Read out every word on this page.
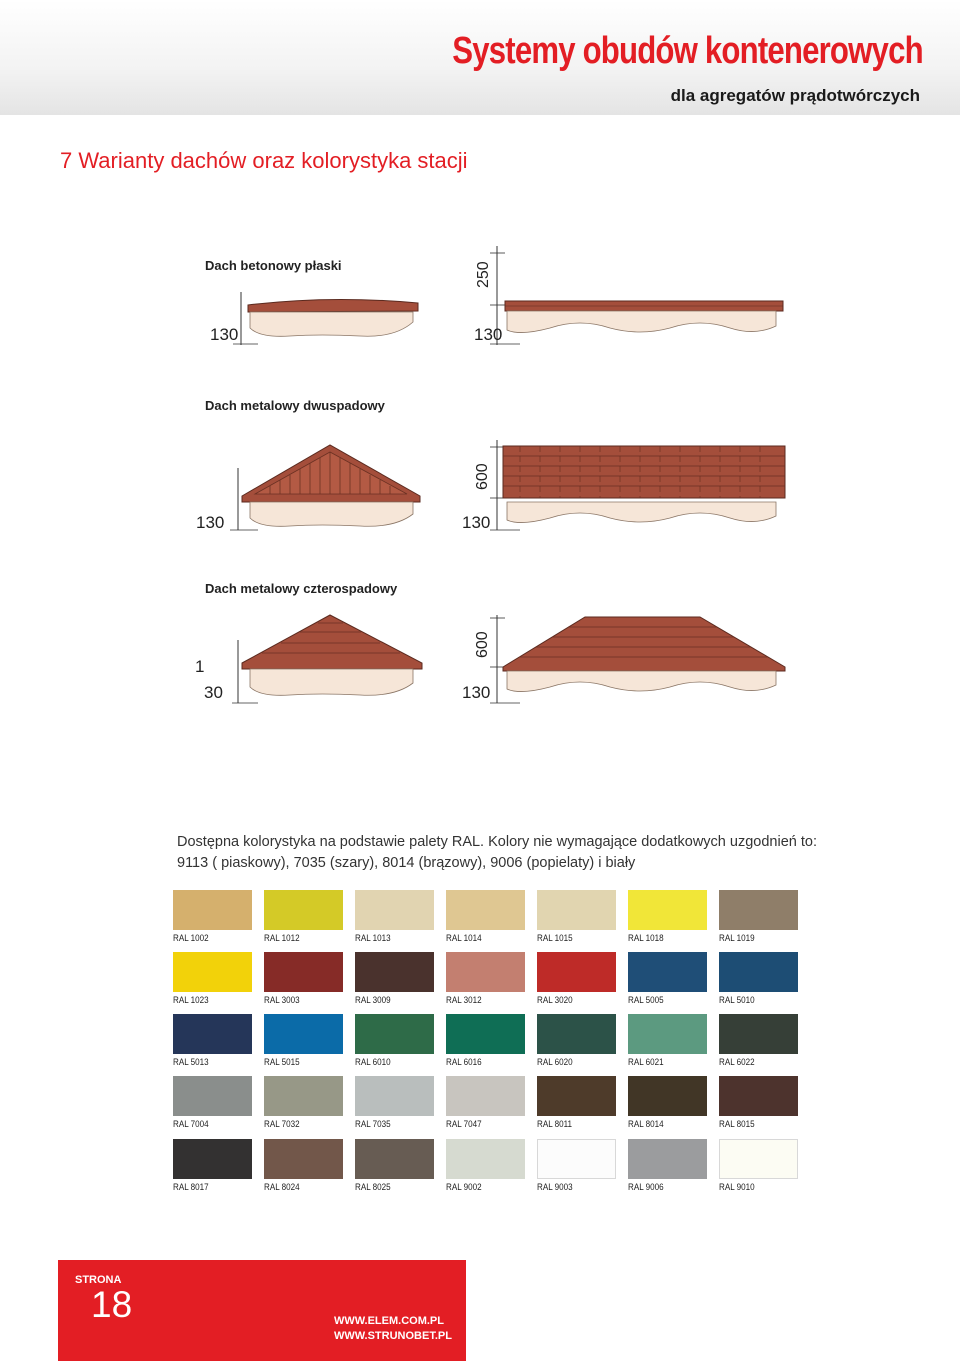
Systemy obudów kontenerowych
dla agregatów prądotwórczych
7 Warianty dachów oraz kolorystyka stacji
Dach betonowy płaski
130
250
130
Dach metalowy dwuspadowy
130
600
130
Dach metalowy czterospadowy
1
30
600
130
Dostępna kolorystyka na podstawie palety RAL. Kolory nie wymagające dodatkowych uzgodnień to:
9113 ( piaskowy), 7035 (szary), 8014 (brązowy), 9006 (popielaty) i biały
RAL 1002	RAL 1012	RAL 1013	RAL 1014	RAL 1015	RAL 1018	RAL 1019
RAL 1023	RAL 3003	RAL 3009	RAL 3012	RAL 3020	RAL 5005	RAL 5010
RAL 5013	RAL 5015	RAL 6010	RAL 6016	RAL 6020	RAL 6021	RAL 6022
RAL 7004	RAL 7032	RAL 7035	RAL 7047	RAL 8011	RAL 8014	RAL 8015
RAL 8017	RAL 8024	RAL 8025	RAL 9002	RAL 9003	RAL 9006	RAL 9010
STRONA
18	WWW.ELEM.COM.PL
WWW.STRUNOBET.PL
